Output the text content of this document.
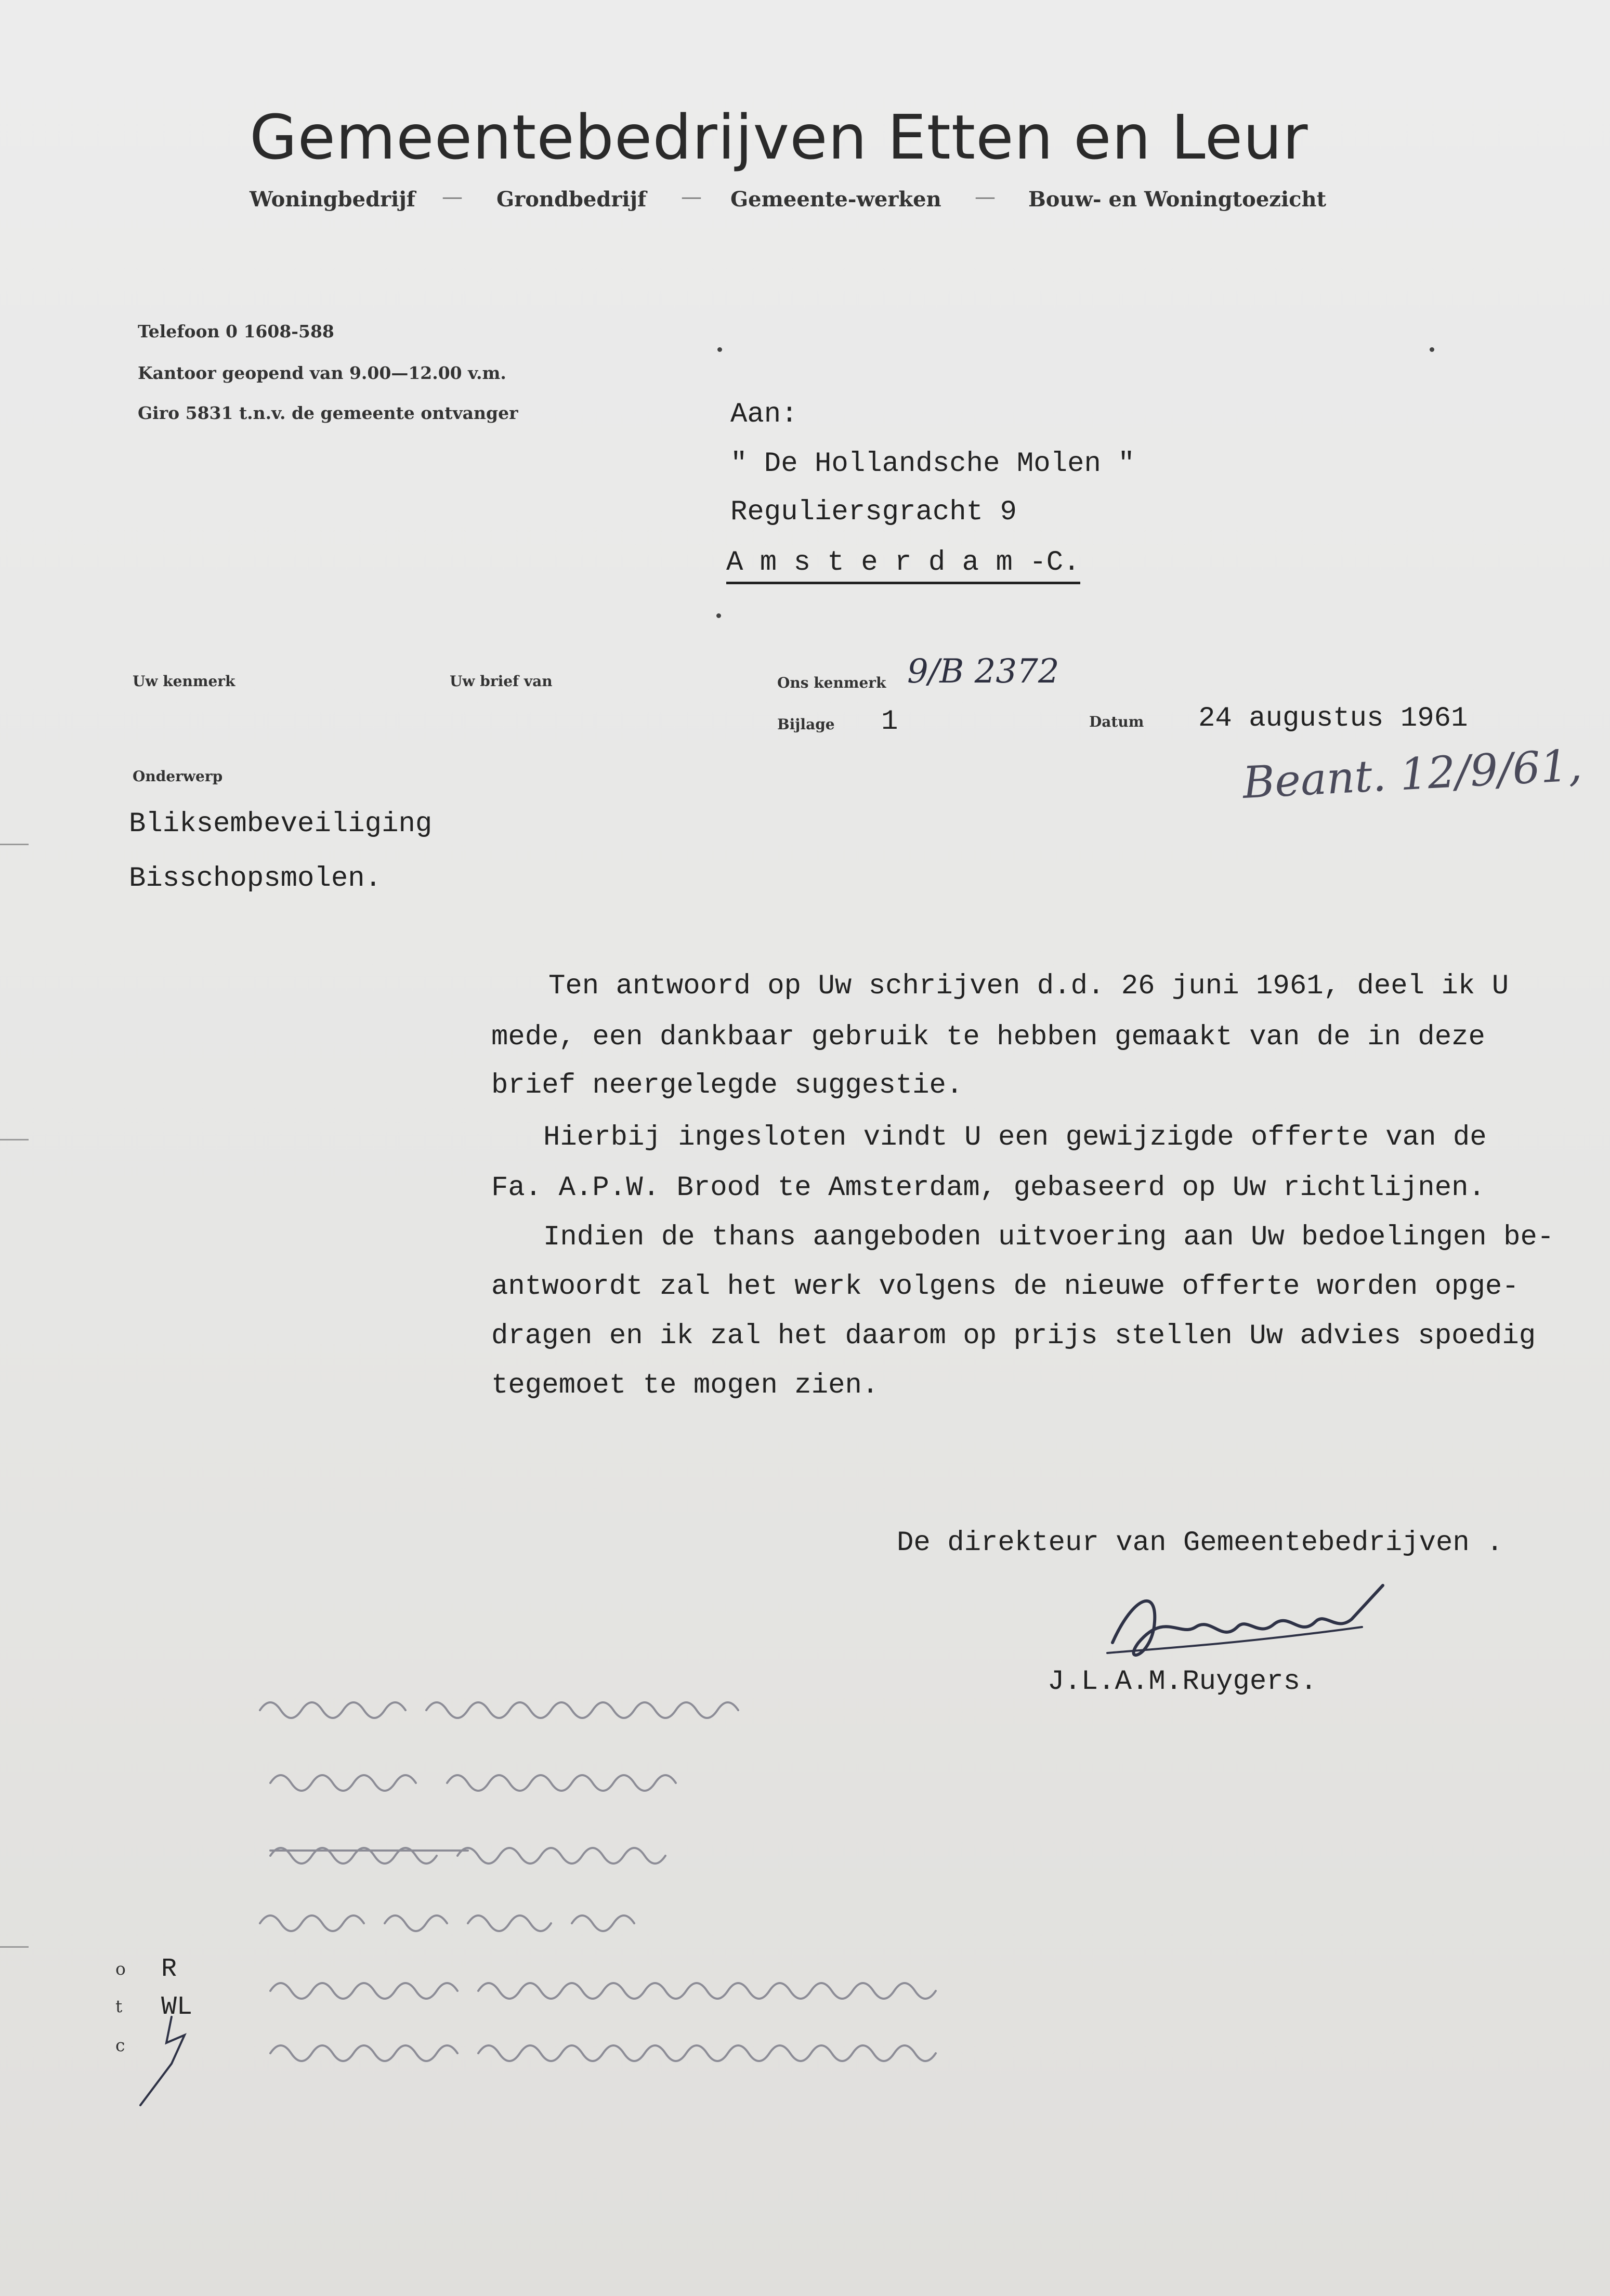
Gemeentebedrijven Etten en Leur
Woningbedrijf — Grondbedrijf — Gemeente-werken — Bouw- en Woningtoezicht
Telefoon 0 1608-588
Kantoor geopend van 9.00—12.00 v.m.
Giro 5831 t.n.v. de gemeente ontvanger	Aan:
" De Hollandsche Molen "
Reguliersgracht 9
A m s t e r d a m -C.
Uw kenmerk	Uw brief van	Ons kenmerk 9/B 2372
Bijlage 1	Datum 24 augustus 1961
Beant. 12/9/61,
Onderwerp
Bliksembeveiliging
Bisschopsmolen.
Ten antwoord op Uw schrijven d.d. 26 juni 1961, deel ik U
mede, een dankbaar gebruik te hebben gemaakt van de in deze
brief neergelegde suggestie.
Hierbij ingesloten vindt U een gewijzigde offerte van de
Fa. A.P.W. Brood te Amsterdam, gebaseerd op Uw richtlijnen.
Indien de thans aangeboden uitvoering aan Uw bedoelingen be-
antwoordt zal het werk volgens de nieuwe offerte worden opge-
dragen en ik zal het daarom op prijs stellen Uw advies spoedig
tegemoet te mogen zien.
De direkteur van Gemeentebedrijven .
J.L.A.M.Ruygers.
o
t
c
R
WL
